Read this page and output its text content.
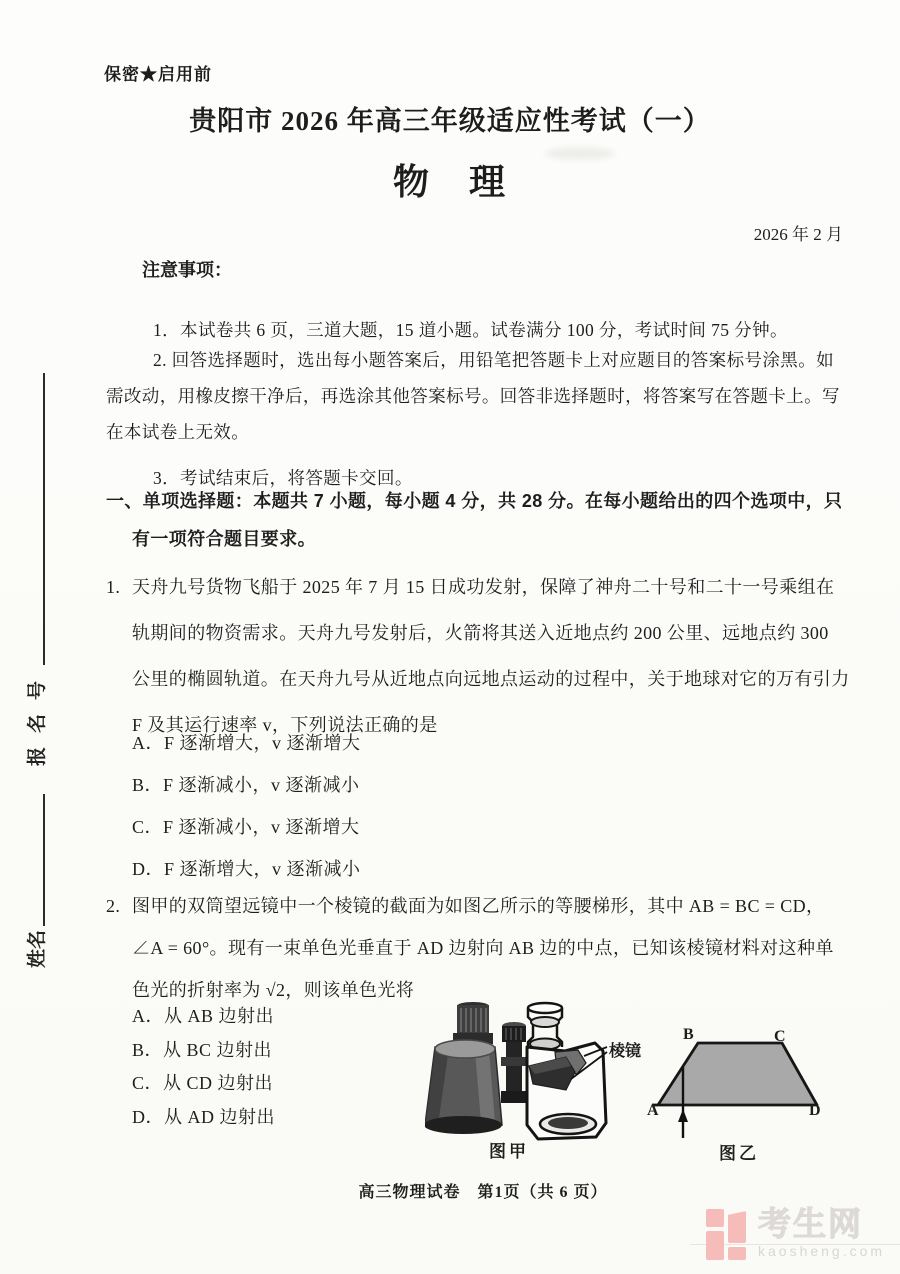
姓名
报名号
保密★启用前
贵阳市 2026 年高三年级适应性考试（一）
物　理
2026 年 2 月
注意事项：

1．本试卷共 6 页，三道大题，15 道小题。试卷满分 100 分，考试时间 75 分钟。

2. 回答选择题时，选出每小题答案后，用铅笔把答题卡上对应题目的答案标号涂黑。如需改动，用橡皮擦干净后，再选涂其他答案标号。回答非选择题时，将答案写在答题卡上。写在本试卷上无效。

3．考试结束后，将答题卡交回。

一、单项选择题：本题共 7 小题，每小题 4 分，共 28 分。在每小题给出的四个选项中，只有一项符合题目要求。
1. 天舟九号货物飞船于 2025 年 7 月 15 日成功发射，保障了神舟二十号和二十一号乘组在轨期间的物资需求。天舟九号发射后，火箭将其送入近地点约 200 公里、远地点约 300 公里的椭圆轨道。在天舟九号从近地点向远地点运动的过程中，关于地球对它的万有引力 F 及其运行速率 v，下列说法正确的是
A．F 逐渐增大，v 逐渐增大
B．F 逐渐减小，v 逐渐减小
C．F 逐渐减小，v 逐渐增大
D．F 逐渐增大，v 逐渐减小
2. 图甲的双筒望远镜中一个棱镜的截面为如图乙所示的等腰梯形，其中 AB = BC = CD，∠A = 60°。现有一束单色光垂直于 AD 边射向 AB 边的中点，已知该棱镜材料对这种单色光的折射率为 √2，则该单色光将
A．从 AB 边射出
B．从 BC 边射出
C．从 CD 边射出
D．从 AD 边射出
棱镜
图甲
A
B	C
D
图乙
高三物理试卷　第1页（共 6 页）
考生网
kaosheng.com
